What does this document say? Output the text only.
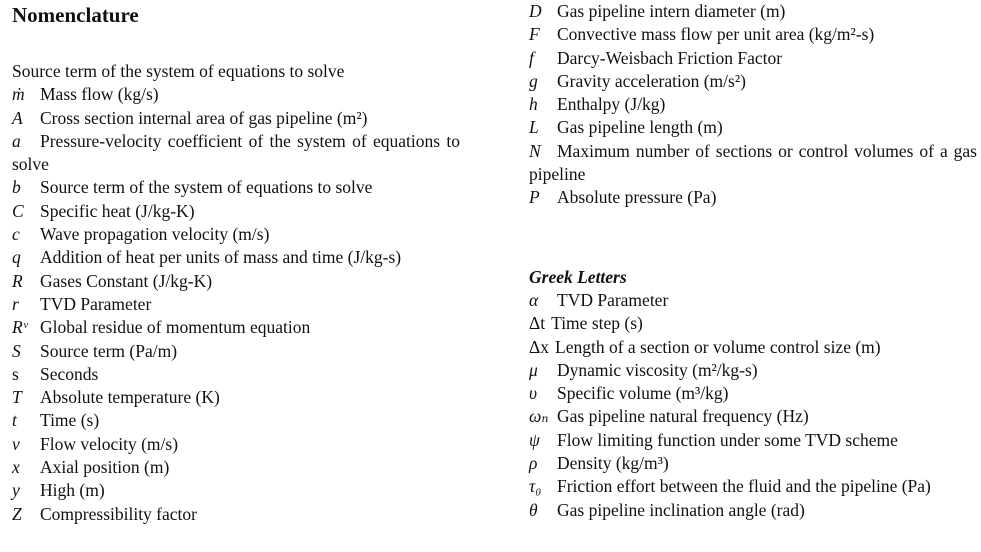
Nomenclature
Source term of the system of equations to solve
ṁ Mass flow (kg/s)
A Cross section internal area of gas pipeline (m²)
a Pressure-velocity coefficient of the system of equations to solve
b Source term of the system of equations to solve
C Specific heat (J/kg-K)
c Wave propagation velocity (m/s)
q Addition of heat per units of mass and time (J/kg-s)
R Gases Constant (J/kg-K)
r TVD Parameter
Rᵛ Global residue of momentum equation
S Source term (Pa/m)
s Seconds
T Absolute temperature (K)
t Time (s)
v Flow velocity (m/s)
x Axial position (m)
y High (m)
Z Compressibility factor
D Gas pipeline intern diameter (m)
F Convective mass flow per unit area (kg/m²-s)
f Darcy-Weisbach Friction Factor
g Gravity acceleration (m/s²)
h Enthalpy (J/kg)
L Gas pipeline length (m)
N Maximum number of sections or control volumes of a gas pipeline
P Absolute pressure (Pa)
Greek Letters
α TVD Parameter
Δt Time step (s)
Δx Length of a section or volume control size (m)
μ Dynamic viscosity (m²/kg-s)
υ Specific volume (m³/kg)
ωₙ Gas pipeline natural frequency (Hz)
ψ Flow limiting function under some TVD scheme
ρ Density (kg/m³)
τ₀ Friction effort between the fluid and the pipeline (Pa)
θ Gas pipeline inclination angle (rad)
